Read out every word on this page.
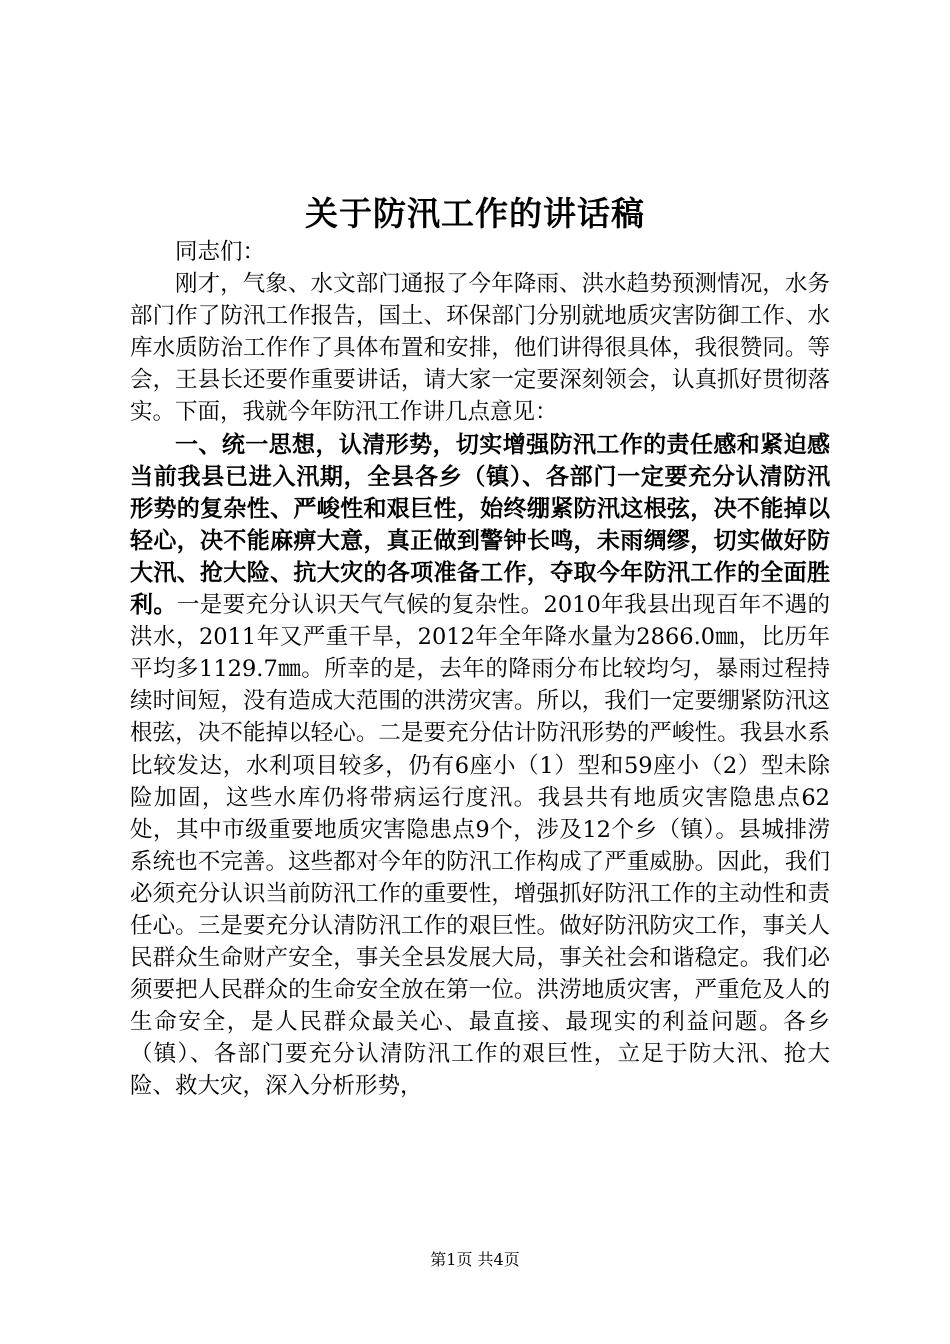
关于防汛工作的讲话稿

同志们：

刚才，气象、水文部门通报了今年降雨、洪水趋势预测情况，水务部门作了防汛工作报告，国土、环保部门分别就地质灾害防御工作、水库水质防治工作作了具体布置和安排，他们讲得很具体，我很赞同。等会，王县长还要作重要讲话，请大家一定要深刻领会，认真抓好贯彻落实。下面，我就今年防汛工作讲几点意见：

一、统一思想，认清形势，切实增强防汛工作的责任感和紧迫感当前我县已进入汛期，全县各乡（镇）、各部门一定要充分认清防汛形势的复杂性、严峻性和艰巨性，始终绷紧防汛这根弦，决不能掉以轻心，决不能麻痹大意，真正做到警钟长鸣，未雨绸缪，切实做好防大汛、抢大险、抗大灾的各项准备工作，夺取今年防汛工作的全面胜利。一是要充分认识天气气候的复杂性。2010年我县出现百年不遇的洪水，2011年又严重干旱，2012年全年降水量为2866.0㎜，比历年平均多1129.7㎜。所幸的是，去年的降雨分布比较均匀，暴雨过程持续时间短，没有造成大范围的洪涝灾害。所以，我们一定要绷紧防汛这根弦，决不能掉以轻心。二是要充分估计防汛形势的严峻性。我县水系比较发达，水利项目较多，仍有6座小（1）型和59座小（2）型未除险加固，这些水库仍将带病运行度汛。我县共有地质灾害隐患点62处，其中市级重要地质灾害隐患点9个，涉及12个乡（镇）。县城排涝系统也不完善。这些都对今年的防汛工作构成了严重威胁。因此，我们必须充分认识当前防汛工作的重要性，增强抓好防汛工作的主动性和责任心。三是要充分认清防汛工作的艰巨性。做好防汛防灾工作，事关人民群众生命财产安全，事关全县发展大局，事关社会和谐稳定。我们必须要把人民群众的生命安全放在第一位。洪涝地质灾害，严重危及人的生命安全，是人民群众最关心、最直接、最现实的利益问题。各乡（镇）、各部门要充分认清防汛工作的艰巨性，立足于防大汛、抢大险、救大灾，深入分析形势，

第1页 共4页
